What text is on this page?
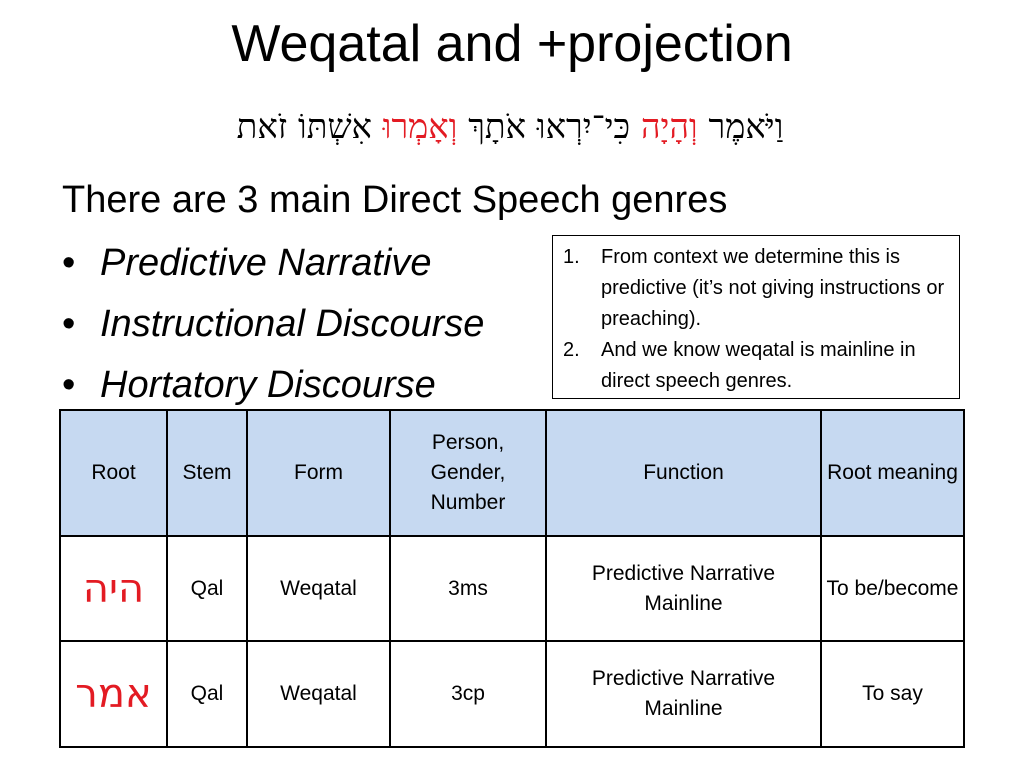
Weqatal and +projection
וַיֹּאמֶר וְהָיָה כִּי־יִרְאוּ אֹתָךְ וְאָמְרוּ אִשְׁתּוֹ זֹאת
There are 3 main Direct Speech genres
• Predictive Narrative
• Instructional Discourse
• Hortatory Discourse
1. From context we determine this is predictive (it’s not giving instructions or preaching).
2. And we know weqatal is mainline in direct speech genres.
Root	Stem	Form	Person, Gender, Number	Function	Root meaning
היה	Qal	Weqatal	3ms	Predictive Narrative Mainline	To be/become
אמר	Qal	Weqatal	3cp	Predictive Narrative Mainline	To say
